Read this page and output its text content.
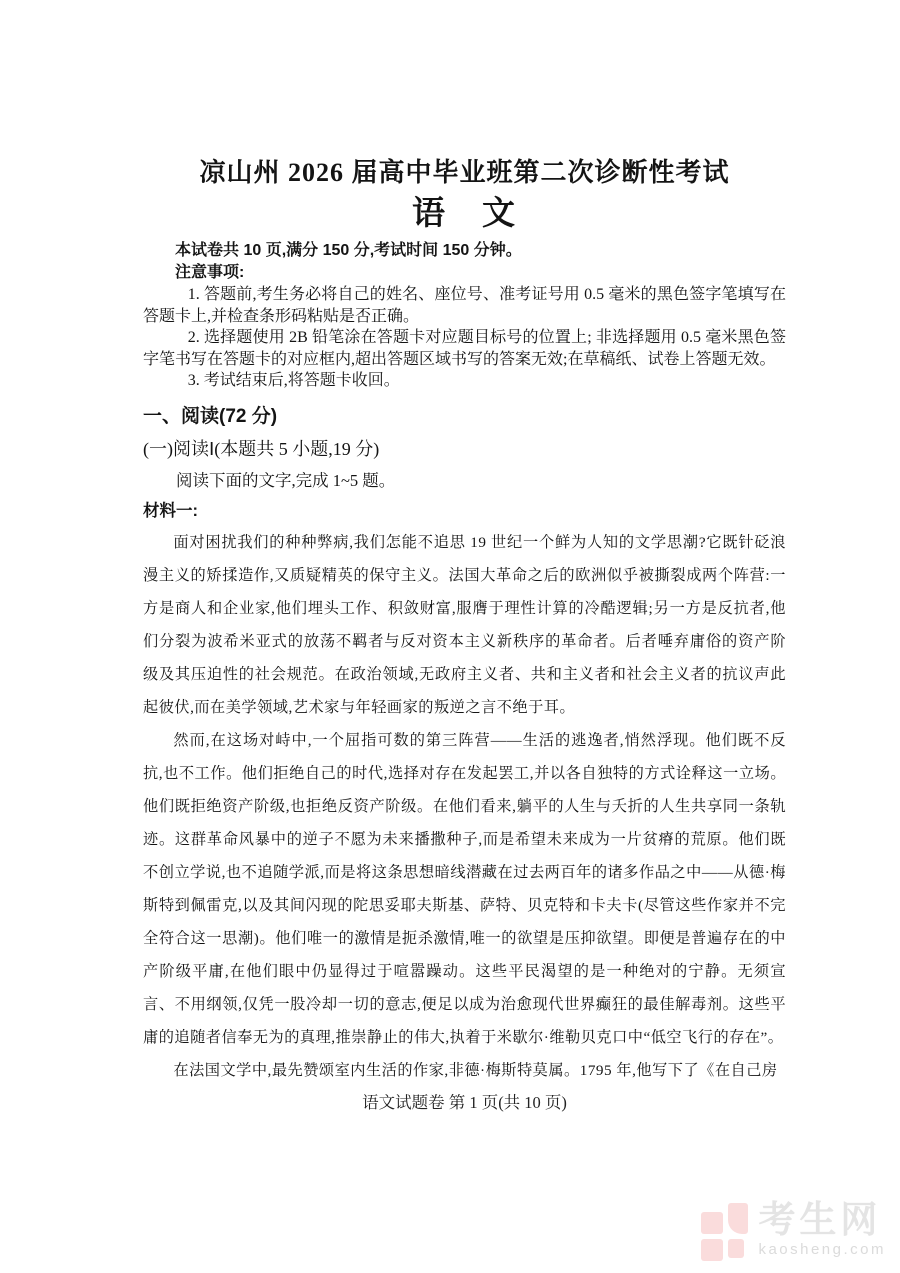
凉山州 2026 届高中毕业班第二次诊断性考试
语　文

本试卷共 10 页,满分 150 分,考试时间 150 分钟。

注意事项:

1. 答题前,考生务必将自己的姓名、座位号、准考证号用 0.5 毫米的黑色签字笔填写在答题卡上,并检查条形码粘贴是否正确。

2. 选择题使用 2B 铅笔涂在答题卡对应题目标号的位置上; 非选择题用 0.5 毫米黑色签字笔书写在答题卡的对应框内,超出答题区域书写的答案无效;在草稿纸、试卷上答题无效。

3. 考试结束后,将答题卡收回。

一、阅读(72 分)

(一)阅读Ⅰ(本题共 5 小题,19 分)

阅读下面的文字,完成 1~5 题。

材料一:

面对困扰我们的种种弊病,我们怎能不追思 19 世纪一个鲜为人知的文学思潮?它既针砭浪漫主义的矫揉造作,又质疑精英的保守主义。法国大革命之后的欧洲似乎被撕裂成两个阵营:一方是商人和企业家,他们埋头工作、积敛财富,服膺于理性计算的冷酷逻辑;另一方是反抗者,他们分裂为波希米亚式的放荡不羁者与反对资本主义新秩序的革命者。后者唾弃庸俗的资产阶级及其压迫性的社会规范。在政治领域,无政府主义者、共和主义者和社会主义者的抗议声此起彼伏,而在美学领域,艺术家与年轻画家的叛逆之言不绝于耳。

然而,在这场对峙中,一个屈指可数的第三阵营——生活的逃逸者,悄然浮现。他们既不反抗,也不工作。他们拒绝自己的时代,选择对存在发起罢工,并以各自独特的方式诠释这一立场。他们既拒绝资产阶级,也拒绝反资产阶级。在他们看来,躺平的人生与夭折的人生共享同一条轨迹。这群革命风暴中的逆子不愿为未来播撒种子,而是希望未来成为一片贫瘠的荒原。他们既不创立学说,也不追随学派,而是将这条思想暗线潜藏在过去两百年的诸多作品之中——从德·梅斯特到佩雷克,以及其间闪现的陀思妥耶夫斯基、萨特、贝克特和卡夫卡(尽管这些作家并不完全符合这一思潮)。他们唯一的激情是扼杀激情,唯一的欲望是压抑欲望。即便是普遍存在的中产阶级平庸,在他们眼中仍显得过于喧嚣躁动。这些平民渴望的是一种绝对的宁静。无须宣言、不用纲领,仅凭一股冷却一切的意志,便足以成为治愈现代世界癫狂的最佳解毒剂。这些平庸的追随者信奉无为的真理,推崇静止的伟大,执着于米歇尔·维勒贝克口中“低空飞行的存在”。

在法国文学中,最先赞颂室内生活的作家,非德·梅斯特莫属。1795 年,他写下了《在自己房

语文试题卷 第 1 页(共 10 页)
考生网
kaosheng.com
